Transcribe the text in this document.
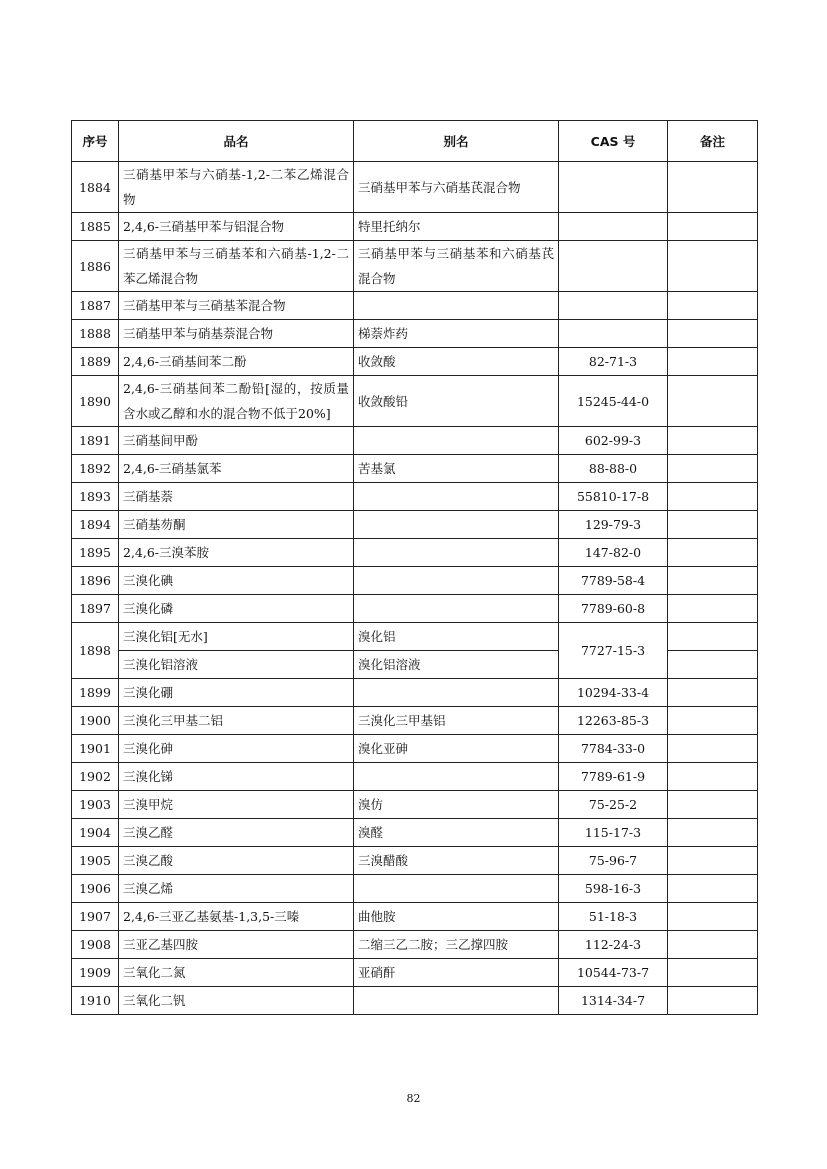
序号	品名	别名	CAS 号	备注
1884	三硝基甲苯与六硝基-1,2-二苯乙烯混合物	三硝基甲苯与六硝基芪混合物		
1885	2,4,6-三硝基甲苯与铝混合物	特里托纳尔		
1886	三硝基甲苯与三硝基苯和六硝基-1,2-二苯乙烯混合物	三硝基甲苯与三硝基苯和六硝基芪混合物		
1887	三硝基甲苯与三硝基苯混合物			
1888	三硝基甲苯与硝基萘混合物	梯萘炸药		
1889	2,4,6-三硝基间苯二酚	收敛酸	82-71-3	
1890	2,4,6-三硝基间苯二酚铅[湿的，按质量含水或乙醇和水的混合物不低于20%]	收敛酸铅	15245-44-0	
1891	三硝基间甲酚		602-99-3	
1892	2,4,6-三硝基氯苯	苦基氯	88-88-0	
1893	三硝基萘		55810-17-8	
1894	三硝基芴酮		129-79-3	
1895	2,4,6-三溴苯胺		147-82-0	
1896	三溴化碘		7789-58-4	
1897	三溴化磷		7789-60-8	
1898	三溴化铝[无水]	溴化铝	7727-15-3	
	三溴化铝溶液	溴化铝溶液		
1899	三溴化硼		10294-33-4	
1900	三溴化三甲基二铝	三溴化三甲基铝	12263-85-3	
1901	三溴化砷	溴化亚砷	7784-33-0	
1902	三溴化锑		7789-61-9	
1903	三溴甲烷	溴仿	75-25-2	
1904	三溴乙醛	溴醛	115-17-3	
1905	三溴乙酸	三溴醋酸	75-96-7	
1906	三溴乙烯		598-16-3	
1907	2,4,6-三亚乙基氨基-1,3,5-三嗪	曲他胺	51-18-3	
1908	三亚乙基四胺	二缩三乙二胺；三乙撑四胺	112-24-3	
1909	三氧化二氮	亚硝酐	10544-73-7	
1910	三氧化二钒		1314-34-7	
82
